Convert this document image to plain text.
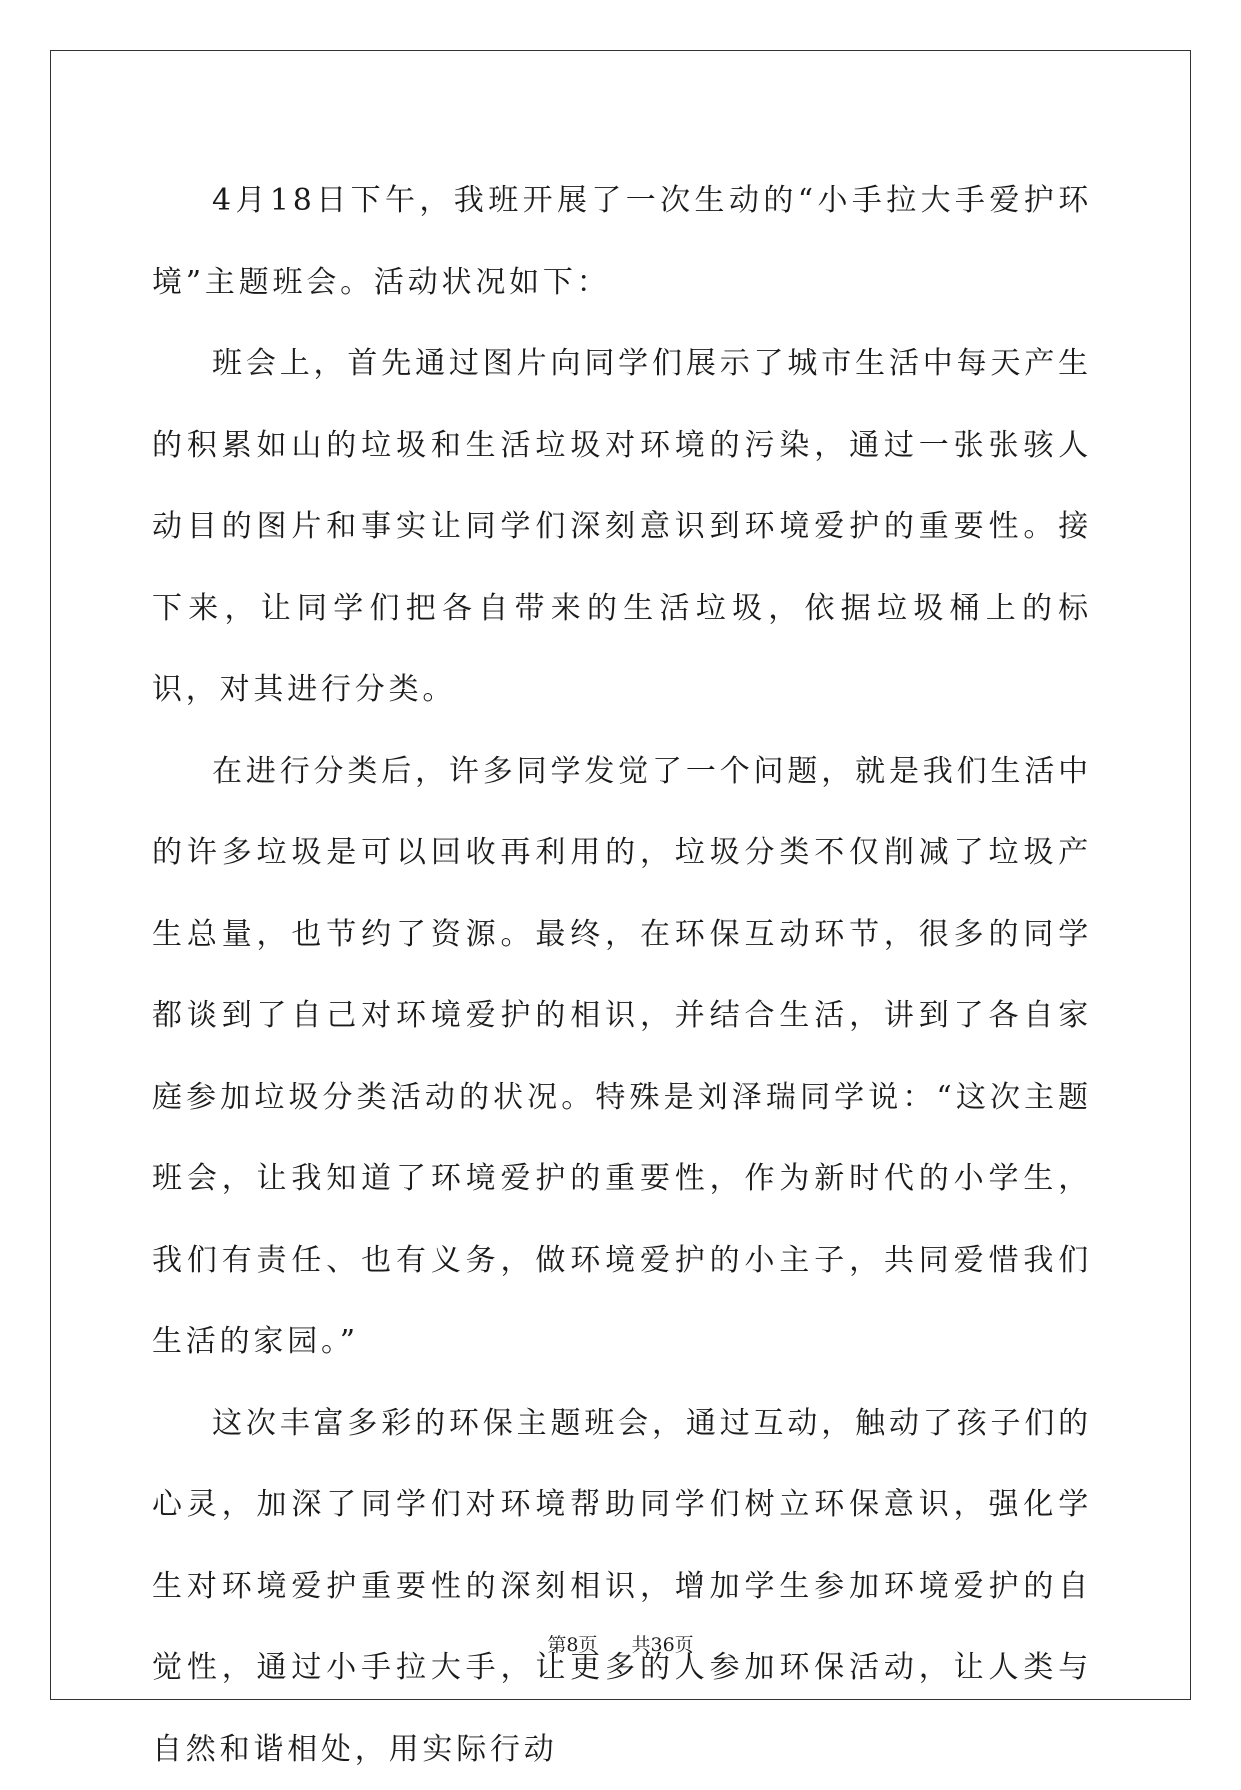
4月18日下午，我班开展了一次生动的“小手拉大手爱护环境”主题班会。活动状况如下：

班会上，首先通过图片向同学们展示了城市生活中每天产生的积累如山的垃圾和生活垃圾对环境的污染，通过一张张骇人动目的图片和事实让同学们深刻意识到环境爱护的重要性。接下来，让同学们把各自带来的生活垃圾，依据垃圾桶上的标识，对其进行分类。

在进行分类后，许多同学发觉了一个问题，就是我们生活中的许多垃圾是可以回收再利用的，垃圾分类不仅削减了垃圾产生总量，也节约了资源。最终，在环保互动环节，很多的同学都谈到了自己对环境爱护的相识，并结合生活，讲到了各自家庭参加垃圾分类活动的状况。特殊是刘泽瑞同学说：“这次主题班会，让我知道了环境爱护的重要性，作为新时代的小学生，我们有责任、也有义务，做环境爱护的小主子，共同爱惜我们生活的家园。”

这次丰富多彩的环保主题班会，通过互动，触动了孩子们的心灵，加深了同学们对环境帮助同学们树立环保意识，强化学生对环境爱护重要性的深刻相识，增加学生参加环境爱护的自觉性，通过小手拉大手，让更多的人参加环保活动，让人类与自然和谐相处，用实际行动

第8页 共36页
